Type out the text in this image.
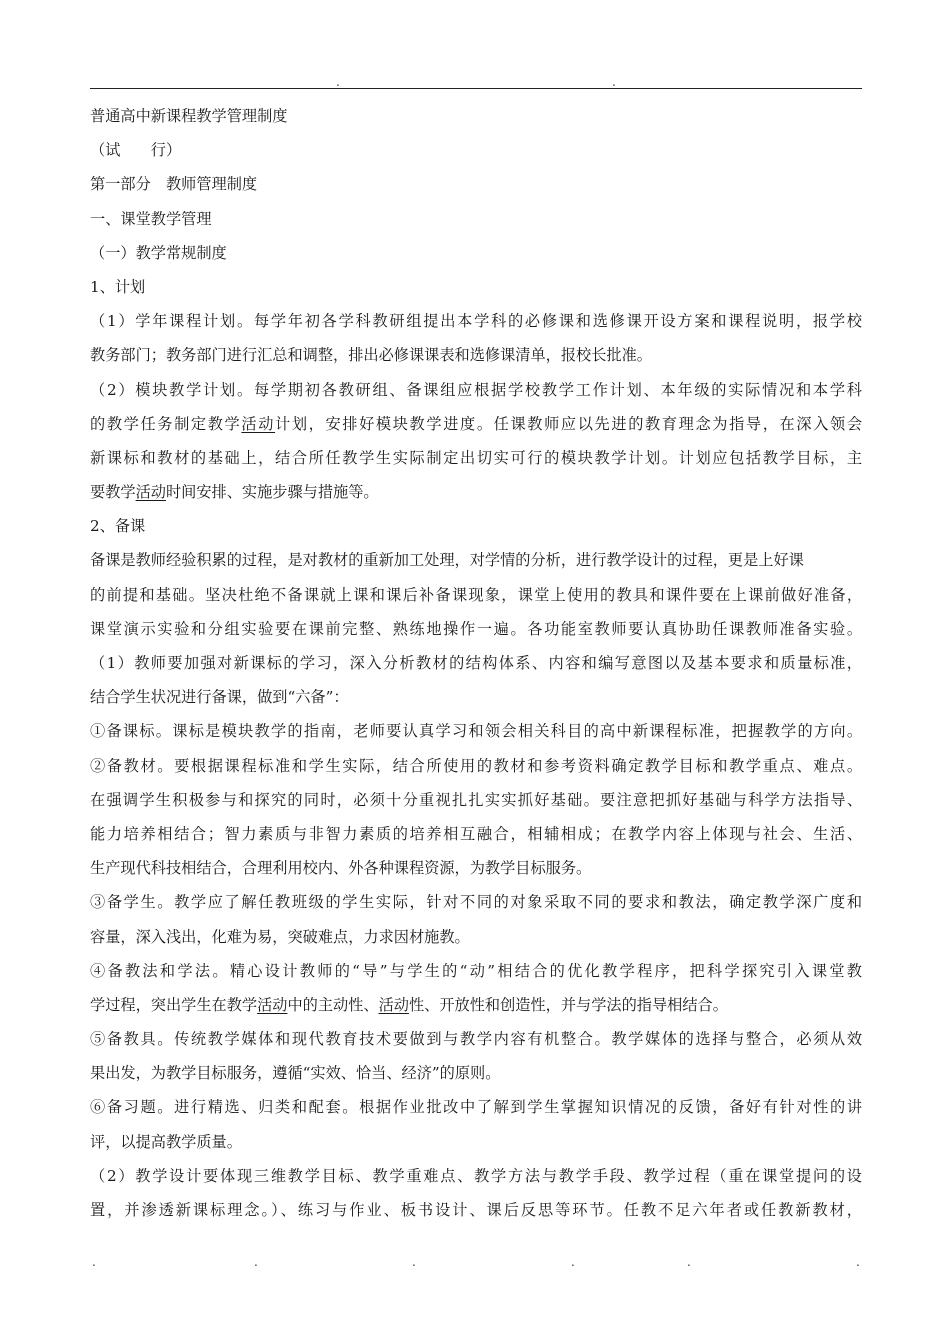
.	.
普通高中新课程教学管理制度
（试　　行）
第一部分　教师管理制度
一、课堂教学管理
（一）教学常规制度
1、计划
（1）学年课程计划。每学年初各学科教研组提出本学科的必修课和选修课开设方案和课程说明，报学校
教务部门；教务部门进行汇总和调整，排出必修课课表和选修课清单，报校长批准。
（2）模块教学计划。每学期初各教研组、备课组应根据学校教学工作计划、本年级的实际情况和本学科
的教学任务制定教学活动计划，安排好模块教学进度。任课教师应以先进的教育理念为指导，在深入领会
新课标和教材的基础上，结合所任教学生实际制定出切实可行的模块教学计划。计划应包括教学目标，主
要教学活动时间安排、实施步骤与措施等。
2、备课
备课是教师经验积累的过程，是对教材的重新加工处理，对学情的分析，进行教学设计的过程，更是上好课
的前提和基础。坚决杜绝不备课就上课和课后补备课现象，课堂上使用的教具和课件要在上课前做好准备，
课堂演示实验和分组实验要在课前完整、熟练地操作一遍。各功能室教师要认真协助任课教师准备实验。
（1）教师要加强对新课标的学习，深入分析教材的结构体系、内容和编写意图以及基本要求和质量标准，
结合学生状况进行备课，做到“六备”：
①备课标。课标是模块教学的指南，老师要认真学习和领会相关科目的高中新课程标准，把握教学的方向。
②备教材。要根据课程标准和学生实际，结合所使用的教材和参考资料确定教学目标和教学重点、难点。
在强调学生积极参与和探究的同时，必须十分重视扎扎实实抓好基础。要注意把抓好基础与科学方法指导、
能力培养相结合；智力素质与非智力素质的培养相互融合，相辅相成；在教学内容上体现与社会、生活、
生产现代科技相结合，合理利用校内、外各种课程资源，为教学目标服务。
③备学生。教学应了解任教班级的学生实际，针对不同的对象采取不同的要求和教法，确定教学深广度和
容量，深入浅出，化难为易，突破难点，力求因材施教。
④备教法和学法。精心设计教师的“导”与学生的“动”相结合的优化教学程序，把科学探究引入课堂教
学过程，突出学生在教学活动中的主动性、活动性、开放性和创造性，并与学法的指导相结合。
⑤备教具。传统教学媒体和现代教育技术要做到与教学内容有机整合。教学媒体的选择与整合，必须从效
果出发，为教学目标服务，遵循“实效、恰当、经济”的原则。
⑥备习题。进行精选、归类和配套。根据作业批改中了解到学生掌握知识情况的反馈，备好有针对性的讲
评，以提高教学质量。
（2）教学设计要体现三维教学目标、教学重难点、教学方法与教学手段、教学过程（重在课堂提问的设
置，并渗透新课标理念。）、练习与作业、板书设计、课后反思等环节。任教不足六年者或任教新教材，
.	.	.	.	.	.
